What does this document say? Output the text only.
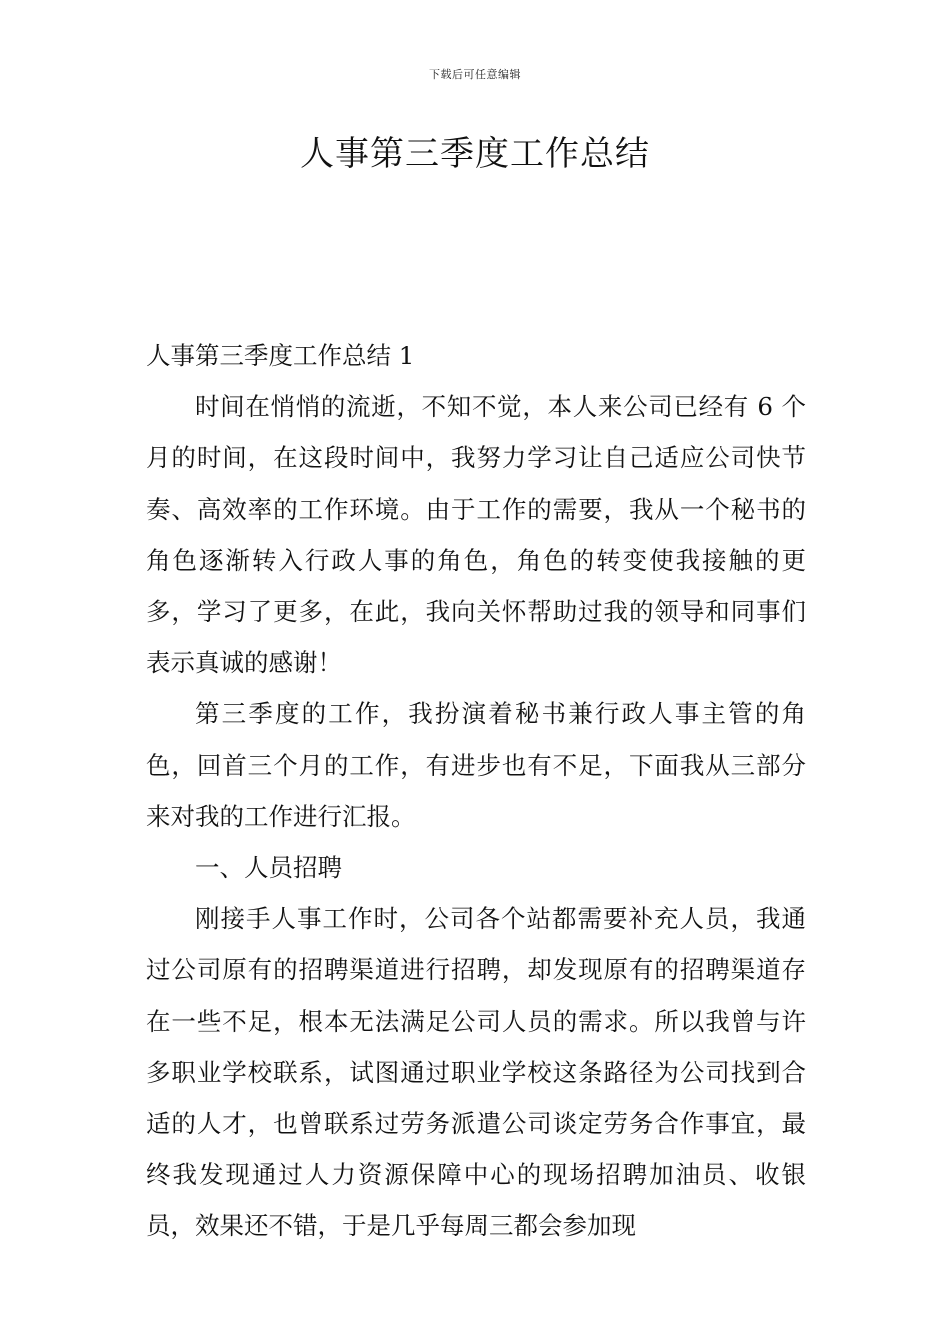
下载后可任意编辑
人事第三季度工作总结

人事第三季度工作总结 1

时间在悄悄的流逝，不知不觉，本人来公司已经有 6 个月的时间，在这段时间中，我努力学习让自己适应公司快节奏、高效率的工作环境。由于工作的需要，我从一个秘书的角色逐渐转入行政人事的角色，角色的转变使我接触的更多，学习了更多，在此，我向关怀帮助过我的领导和同事们表示真诚的感谢！

第三季度的工作，我扮演着秘书兼行政人事主管的角色，回首三个月的工作，有进步也有不足，下面我从三部分来对我的工作进行汇报。

一、人员招聘

刚接手人事工作时，公司各个站都需要补充人员，我通过公司原有的招聘渠道进行招聘，却发现原有的招聘渠道存在一些不足，根本无法满足公司人员的需求。所以我曾与许多职业学校联系，试图通过职业学校这条路径为公司找到合适的人才，也曾联系过劳务派遣公司谈定劳务合作事宜，最终我发现通过人力资源保障中心的现场招聘加油员、收银员，效果还不错，于是几乎每周三都会参加现
